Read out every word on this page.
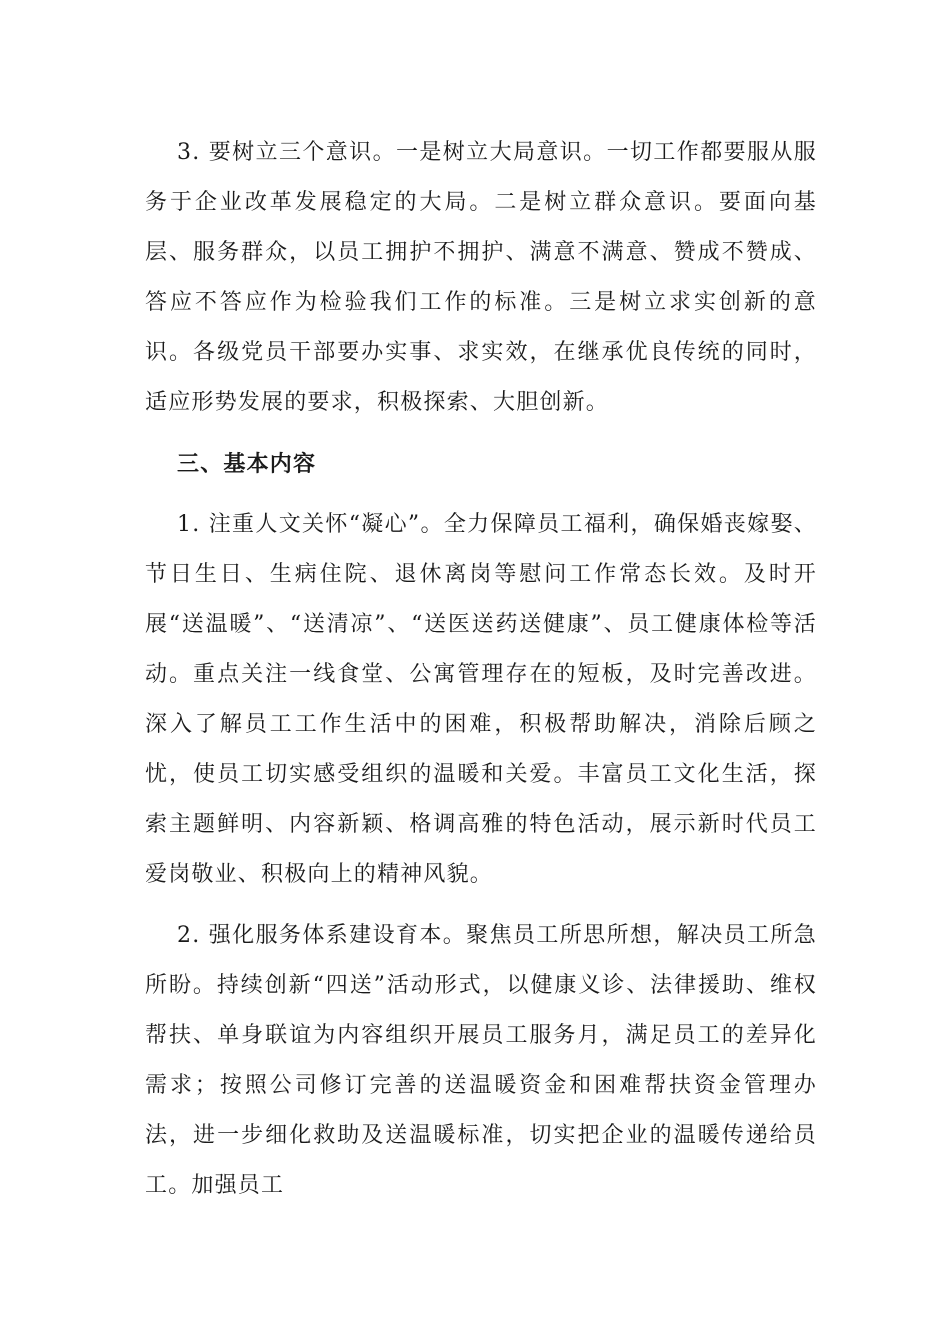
3. 要树立三个意识。一是树立大局意识。一切工作都要服从服务于企业改革发展稳定的大局。二是树立群众意识。要面向基层、服务群众，以员工拥护不拥护、满意不满意、赞成不赞成、答应不答应作为检验我们工作的标准。三是树立求实创新的意识。各级党员干部要办实事、求实效，在继承优良传统的同时，适应形势发展的要求，积极探索、大胆创新。

三、基本内容

1. 注重人文关怀“凝心”。全力保障员工福利，确保婚丧嫁娶、节日生日、生病住院、退休离岗等慰问工作常态长效。及时开展“送温暖”、“送清凉”、“送医送药送健康”、员工健康体检等活动。重点关注一线食堂、公寓管理存在的短板，及时完善改进。深入了解员工工作生活中的困难，积极帮助解决，消除后顾之忧，使员工切实感受组织的温暖和关爱。丰富员工文化生活，探索主题鲜明、内容新颖、格调高雅的特色活动，展示新时代员工爱岗敬业、积极向上的精神风貌。

2. 强化服务体系建设育本。聚焦员工所思所想，解决员工所急所盼。持续创新“四送”活动形式，以健康义诊、法律援助、维权帮扶、单身联谊为内容组织开展员工服务月，满足员工的差异化需求；按照公司修订完善的送温暖资金和困难帮扶资金管理办法，进一步细化救助及送温暖标准，切实把企业的温暖传递给员工。加强员工
